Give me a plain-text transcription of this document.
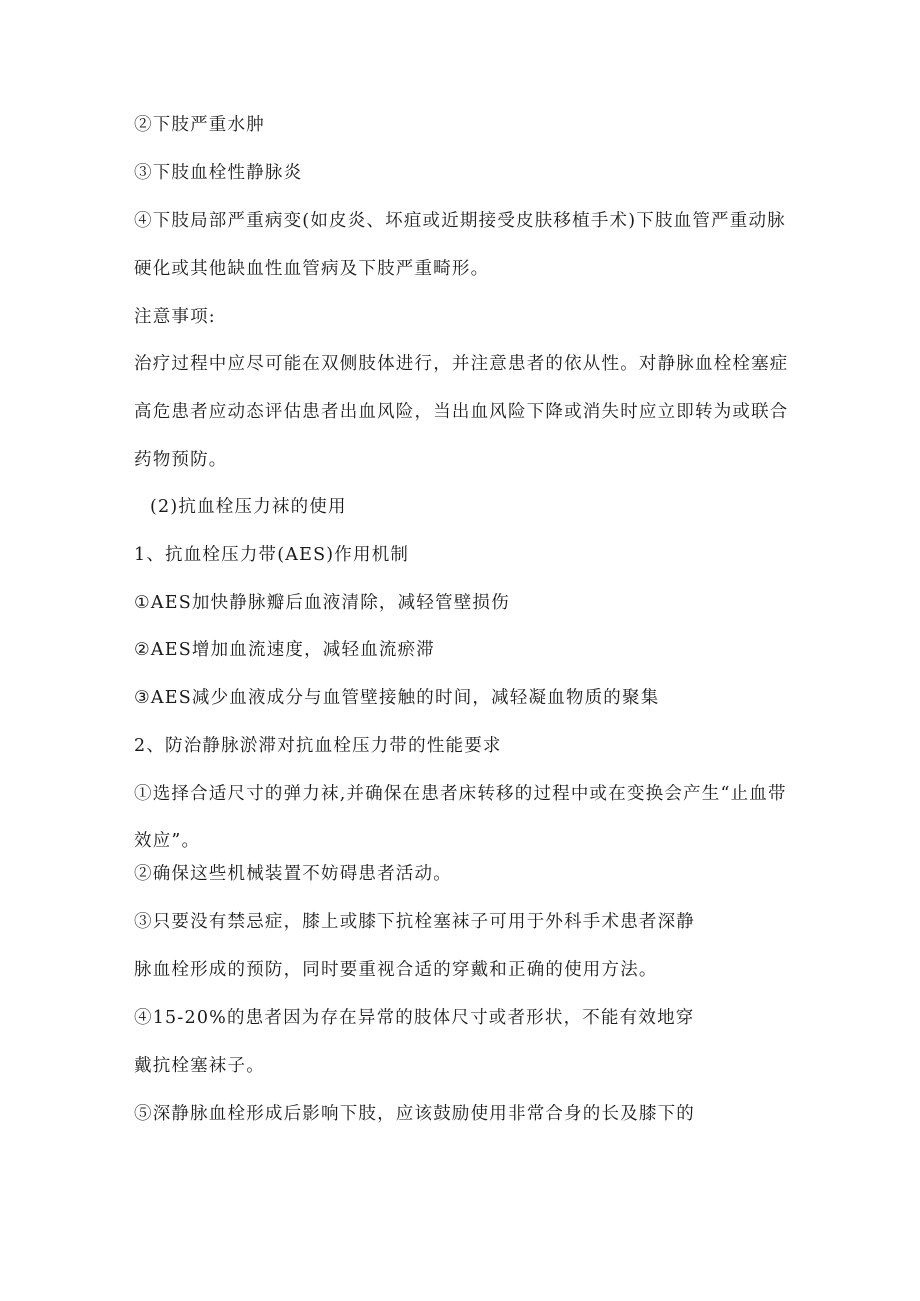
②下肢严重水肿
③下肢血栓性静脉炎
④下肢局部严重病变(如皮炎、坏疽或近期接受皮肤移植手术)下肢血管严重动脉
硬化或其他缺血性血管病及下肢严重畸形。
注意事项:
治疗过程中应尽可能在双侧肢体进行，并注意患者的依从性。对静脉血栓栓塞症
高危患者应动态评估患者出血风险，当出血风险下降或消失时应立即转为或联合
药物预防。
(2)抗血栓压力袜的使用
1、抗血栓压力带(AES)作用机制
①AES加快静脉瓣后血液清除，减轻管壁损伤
②AES增加血流速度，减轻血流瘀滞
③AES减少血液成分与血管壁接触的时间，减轻凝血物质的聚集
2、防治静脉淤滞对抗血栓压力带的性能要求
①选择合适尺寸的弹力袜,并确保在患者床转移的过程中或在变换会产生“止血带
效应”。
②确保这些机械装置不妨碍患者活动。
③只要没有禁忌症，膝上或膝下抗栓塞袜子可用于外科手术患者深静
脉血栓形成的预防，同时要重视合适的穿戴和正确的使用方法。
④15-20%的患者因为存在异常的肢体尺寸或者形状，不能有效地穿
戴抗栓塞袜子。
⑤深静脉血栓形成后影响下肢，应该鼓励使用非常合身的长及膝下的
